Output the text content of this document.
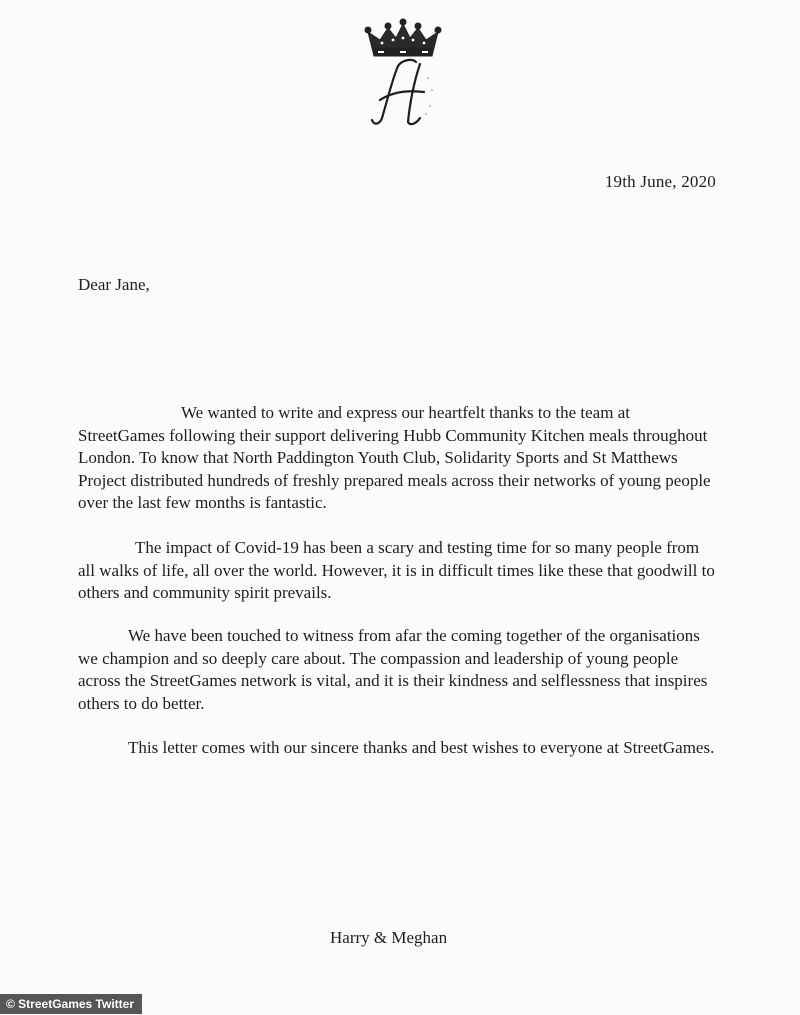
H
19th June, 2020
Dear Jane,

We wanted to write and express our heartfelt thanks to the team at StreetGames following their support delivering Hubb Community Kitchen meals throughout London. To know that North Paddington Youth Club, Solidarity Sports and St Matthews Project distributed hundreds of freshly prepared meals across their networks of young people over the last few months is fantastic.

The impact of Covid-19 has been a scary and testing time for so many people from all walks of life, all over the world. However, it is in difficult times like these that goodwill to others and community spirit prevails.

We have been touched to witness from afar the coming together of the organisations we champion and so deeply care about. The compassion and leadership of young people across the StreetGames network is vital, and it is their kindness and selflessness that inspires others to do better.

This letter comes with our sincere thanks and best wishes to everyone at StreetGames.

Harry & Meghan
© StreetGames Twitter
